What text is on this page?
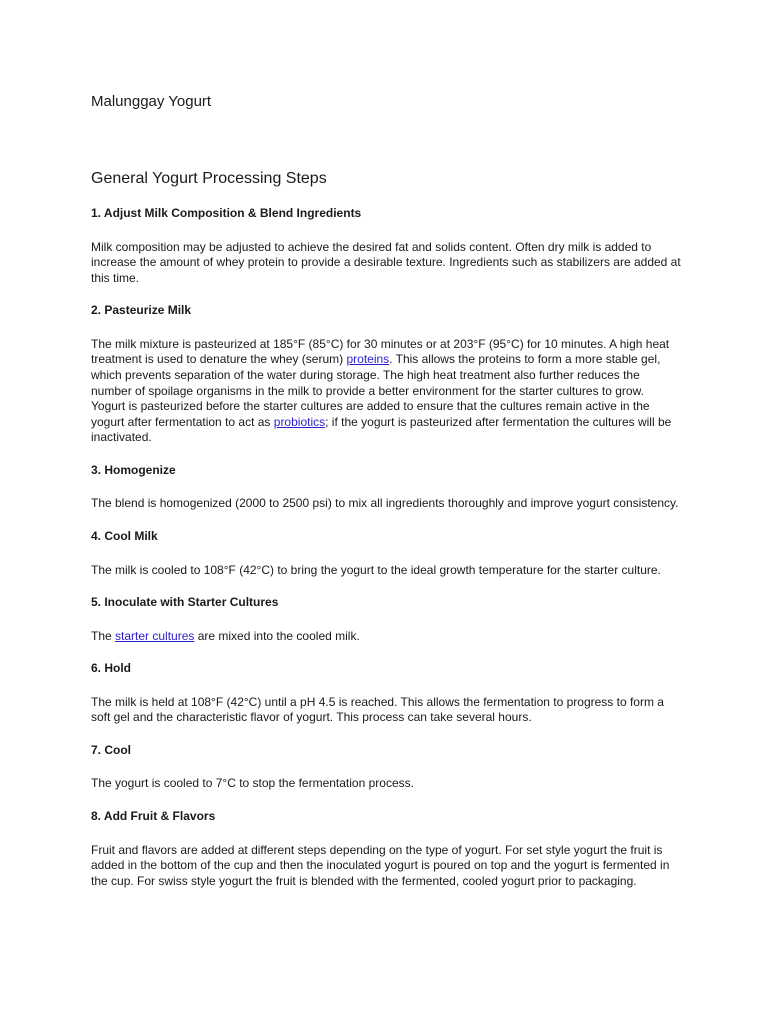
Malunggay Yogurt
General Yogurt Processing Steps
1. Adjust Milk Composition & Blend Ingredients

Milk composition may be adjusted to achieve the desired fat and solids content. Often dry milk is added to increase the amount of whey protein to provide a desirable texture. Ingredients such as stabilizers are added at this time.

2. Pasteurize Milk

The milk mixture is pasteurized at 185°F (85°C) for 30 minutes or at 203°F (95°C) for 10 minutes. A high heat treatment is used to denature the whey (serum) proteins. This allows the proteins to form a more stable gel, which prevents separation of the water during storage. The high heat treatment also further reduces the number of spoilage organisms in the milk to provide a better environment for the starter cultures to grow. Yogurt is pasteurized before the starter cultures are added to ensure that the cultures remain active in the yogurt after fermentation to act as probiotics; if the yogurt is pasteurized after fermentation the cultures will be inactivated.

3. Homogenize

The blend is homogenized (2000 to 2500 psi) to mix all ingredients thoroughly and improve yogurt consistency.

4. Cool Milk

The milk is cooled to 108°F (42°C) to bring the yogurt to the ideal growth temperature for the starter culture.

5. Inoculate with Starter Cultures

The starter cultures are mixed into the cooled milk.

6. Hold

The milk is held at 108°F (42°C) until a pH 4.5 is reached. This allows the fermentation to progress to form a soft gel and the characteristic flavor of yogurt. This process can take several hours.

7. Cool

The yogurt is cooled to 7°C to stop the fermentation process.

8. Add Fruit & Flavors

Fruit and flavors are added at different steps depending on the type of yogurt. For set style yogurt the fruit is added in the bottom of the cup and then the inoculated yogurt is poured on top and the yogurt is fermented in the cup. For swiss style yogurt the fruit is blended with the fermented, cooled yogurt prior to packaging.
